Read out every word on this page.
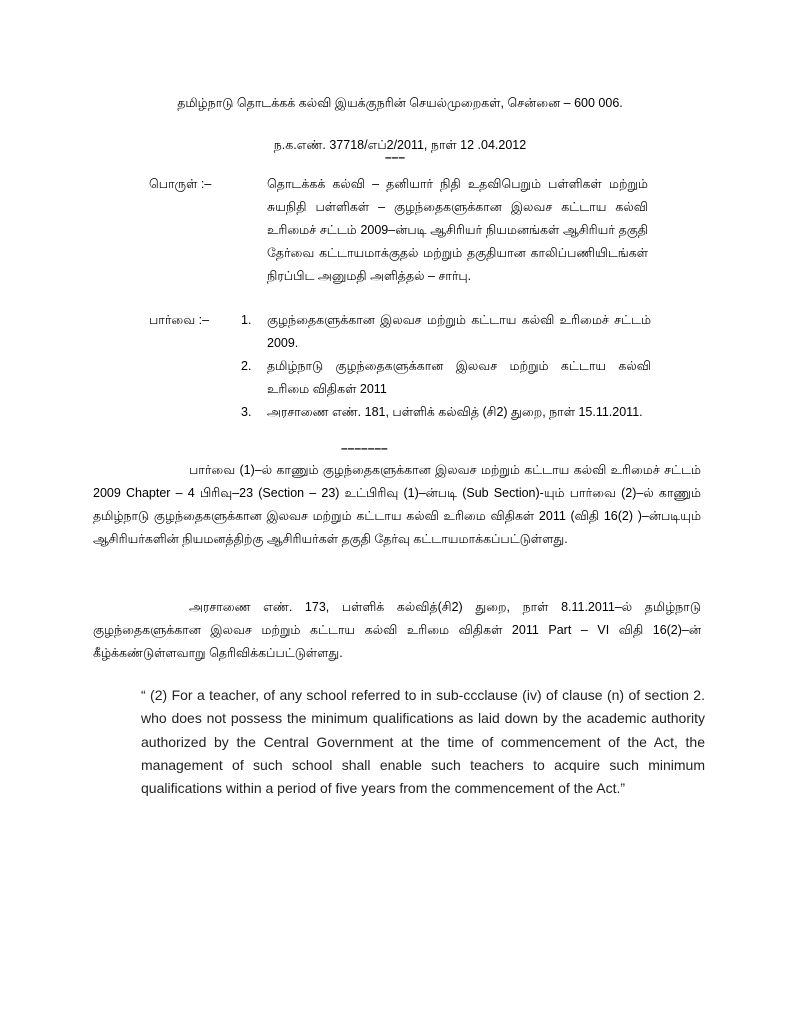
தமிழ்நாடு தொடக்கக் கல்வி இயக்குநரின் செயல்முறைகள், சென்னை – 600 006.
ந.க.எண். 37718/எப்2/2011, நாள் 12 .04.2012
–––
பொருள் :–	தொடக்கக் கல்வி – தனியார் நிதி உதவிபெறும் பள்ளிகள் மற்றும் சுயநிதி பள்ளிகள் – குழந்தைகளுக்கான இலவச கட்டாய கல்வி உரிமைச் சட்டம் 2009–ன்படி ஆசிரியர் நியமனங்கள் ஆசிரியர் தகுதி தேர்வை கட்டாயமாக்குதல் மற்றும் தகுதியான காலிப்பணியிடங்கள் நிரப்பிட அனுமதி அளித்தல் – சார்பு.
பார்வை :–	1.	குழந்தைகளுக்கான இலவச மற்றும் கட்டாய கல்வி உரிமைச் சட்டம் 2009.
2.	தமிழ்நாடு குழந்தைகளுக்கான இலவச மற்றும் கட்டாய கல்வி உரிமை விதிகள் 2011
3.	அரசாணை எண். 181, பள்ளிக் கல்வித் (சி2) துறை, நாள் 15.11.2011.
–––––––
பார்வை (1)–ல் காணும் குழந்தைகளுக்கான இலவச மற்றும் கட்டாய கல்வி உரிமைச் சட்டம் 2009 Chapter – 4 பிரிவு–23 (Section – 23) உட்பிரிவு (1)–ன்படி (Sub Section)-யும் பார்வை (2)–ல் காணும் தமிழ்நாடு குழந்தைகளுக்கான இலவச மற்றும் கட்டாய கல்வி உரிமை விதிகள் 2011 (விதி 16(2) )–ன்படியும் ஆசிரியர்களின் நியமனத்திற்கு ஆசிரியர்கள் தகுதி தேர்வு கட்டாயமாக்கப்பட்டுள்ளது.
அரசாணை எண். 173, பள்ளிக் கல்வித்(சி2) துறை, நாள் 8.11.2011–ல் தமிழ்நாடு குழந்தைகளுக்கான இலவச மற்றும் கட்டாய கல்வி உரிமை விதிகள் 2011 Part – VI விதி 16(2)–ன் கீழ்க்கண்டுள்ளவாறு தெரிவிக்கப்பட்டுள்ளது.
“ (2) For a teacher, of any school referred to in sub-ccclause (iv) of clause (n) of section 2. who does not possess the minimum qualifications as laid down by the academic authority authorized by the Central Government at the time of commencement of the Act, the management of such school shall enable such teachers to acquire such minimum qualifications within a period of five years from the commencement of the Act.”
